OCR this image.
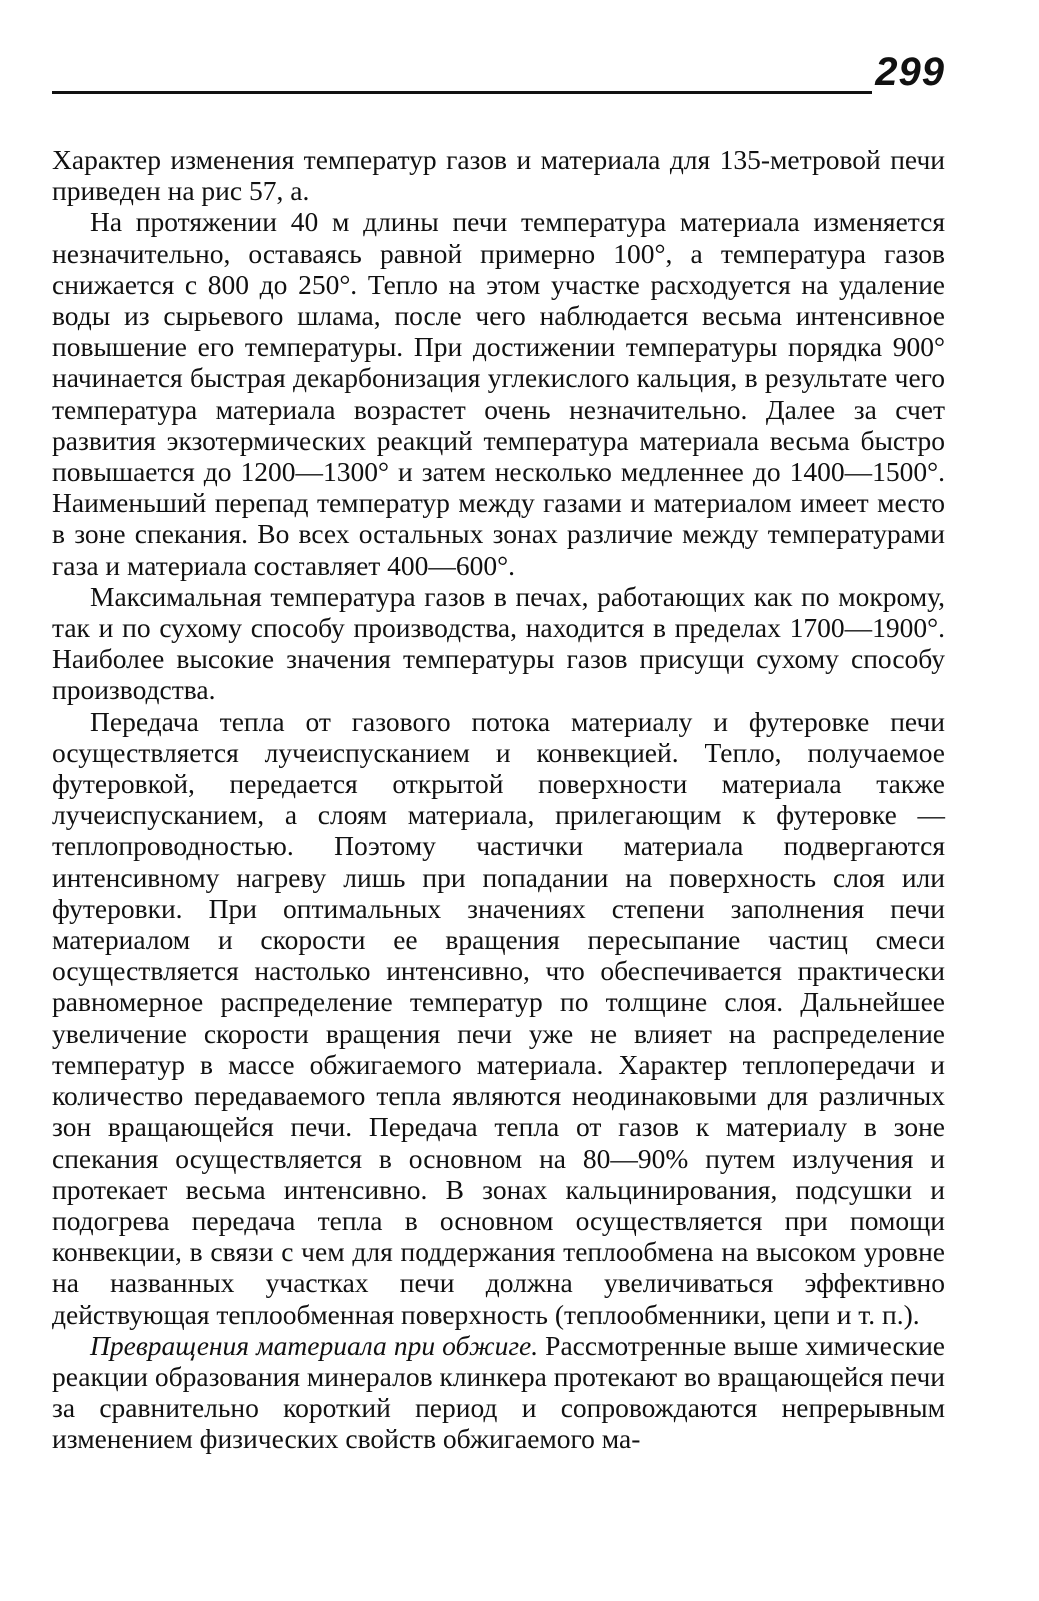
299

Характер изменения температур газов и материала для 135-метровой печи приведен на рис 57, а.

На протяжении 40 м длины печи температура материала изменяется незначительно, оставаясь равной примерно 100°, а температура газов снижается с 800 до 250°. Тепло на этом участке расходуется на удаление воды из сырьевого шлама, после чего наблюдается весьма интенсивное повышение его температуры. При достижении температуры порядка 900° начинается быстрая декарбонизация углекислого кальция, в результате чего температура материала возрастет очень незначительно. Далее за счет развития экзотермических реакций температура материала весьма быстро повышается до 1200—1300° и затем несколько медленнее до 1400—1500°. Наименьший перепад температур между газами и материалом имеет место в зоне спекания. Во всех остальных зонах различие между температурами газа и материала составляет 400—600°.

Максимальная температура газов в печах, работающих как по мокрому, так и по сухому способу производства, находится в пределах 1700—1900°. Наиболее высокие значения температуры газов присущи сухому способу производства.

Передача тепла от газового потока материалу и футеровке печи осуществляется лучеиспусканием и конвекцией. Тепло, получаемое футеровкой, передается открытой поверхности материала также лучеиспусканием, а слоям материала, прилегающим к футеровке — теплопроводностью. Поэтому частички материала подвергаются интенсивному нагреву лишь при попадании на поверхность слоя или футеровки. При оптимальных значениях степени заполнения печи материалом и скорости ее вращения пересыпание частиц смеси осуществляется настолько интенсивно, что обеспечивается практически равномерное распределение температур по толщине слоя. Дальнейшее увеличение скорости вращения печи уже не влияет на распределение температур в массе обжигаемого материала. Характер теплопередачи и количество передаваемого тепла являются неодинаковыми для различных зон вращающейся печи. Передача тепла от газов к материалу в зоне спекания осуществляется в основном на 80—90% путем излучения и протекает весьма интенсивно. В зонах кальцинирования, подсушки и подогрева передача тепла в основном осуществляется при помощи конвекции, в связи с чем для поддержания теплообмена на высоком уровне на названных участках печи должна увеличиваться эффективно действующая теплообменная поверхность (теплообменники, цепи и т. п.).

Превращения материала при обжиге. Рассмотренные выше химические реакции образования минералов клинкера протекают во вращающейся печи за сравнительно короткий период и сопровождаются непрерывным изменением физических свойств обжигаемого ма-
